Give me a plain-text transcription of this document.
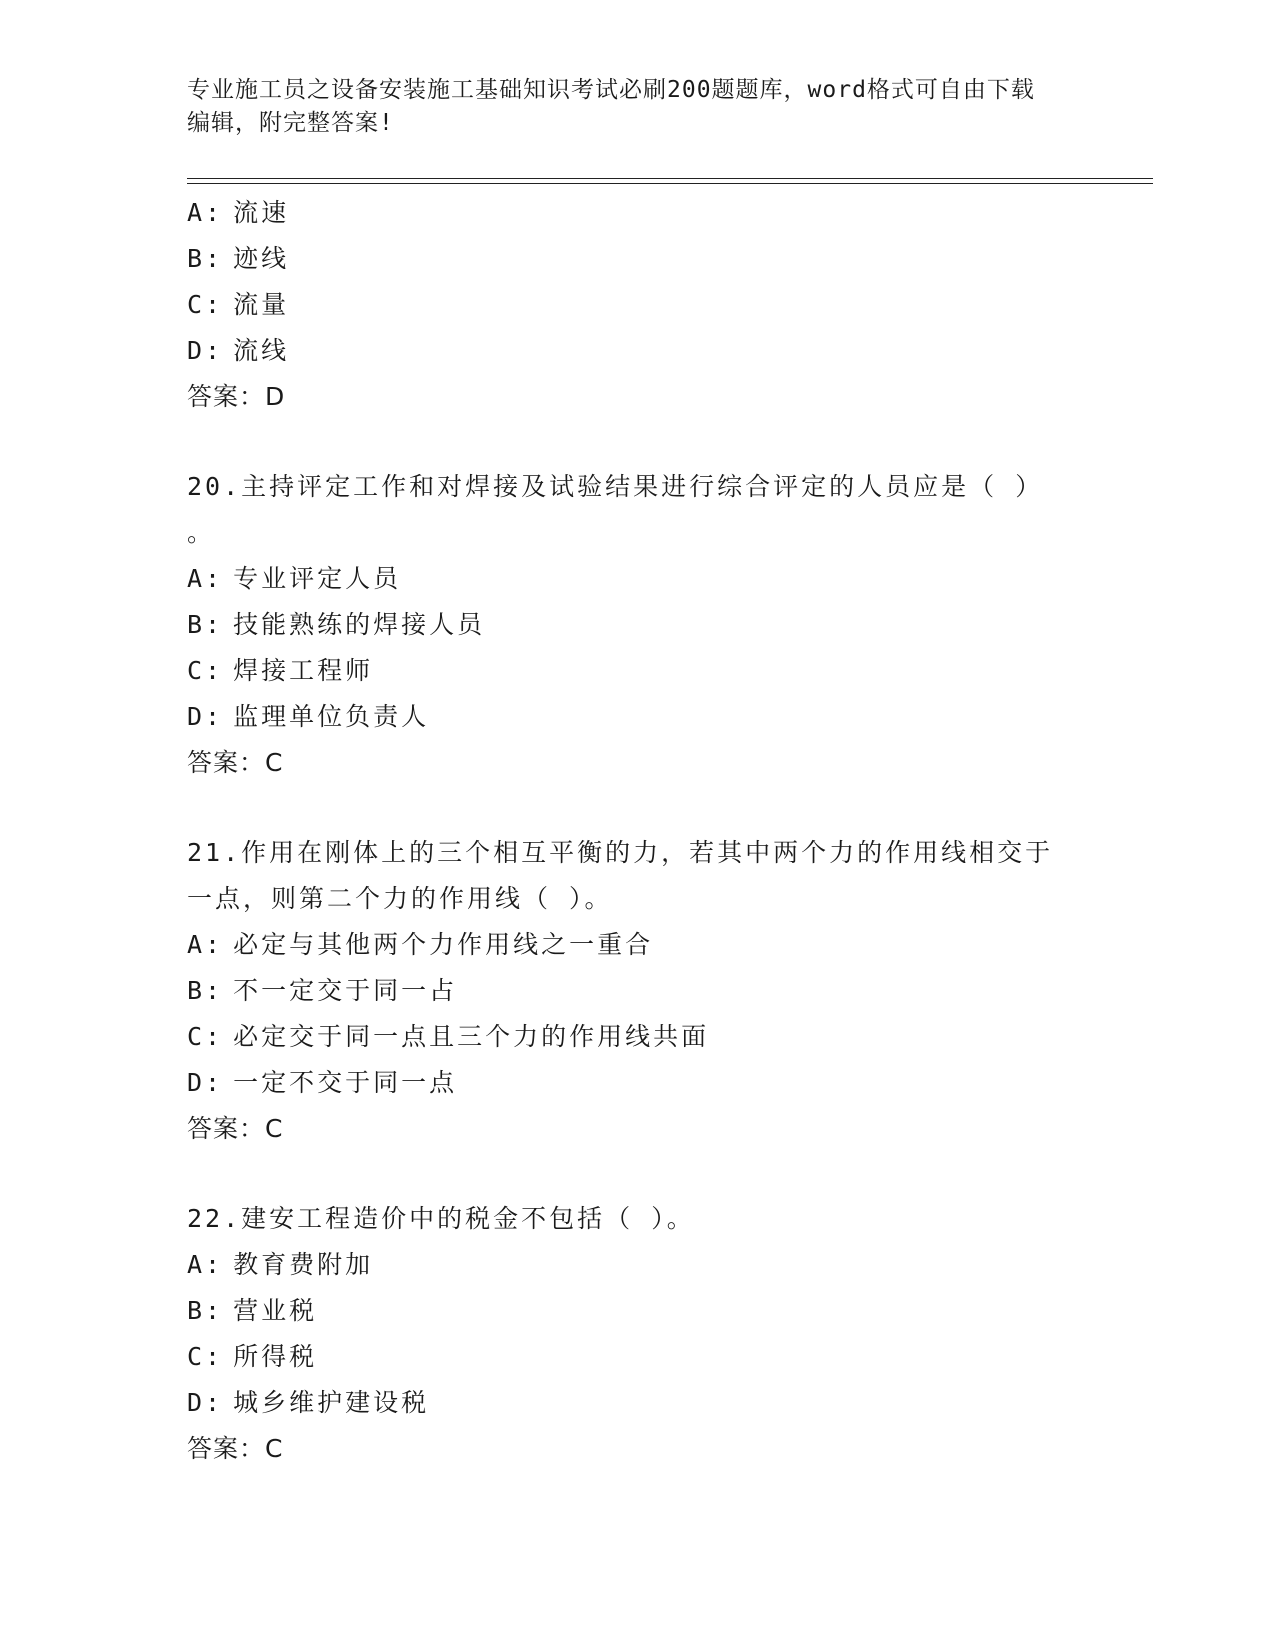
专业施工员之设备安装施工基础知识考试必刷200题题库，word格式可自由下载
编辑，附完整答案!
A: 流速
B: 迹线
C: 流量
D: 流线
答案：D
20.主持评定工作和对焊接及试验结果进行综合评定的人员应是（ ）
。
A: 专业评定人员
B: 技能熟练的焊接人员
C: 焊接工程师
D: 监理单位负责人
答案：C
21.作用在刚体上的三个相互平衡的力，若其中两个力的作用线相交于
一点，则第二个力的作用线（ ）。
A: 必定与其他两个力作用线之一重合
B: 不一定交于同一占
C: 必定交于同一点且三个力的作用线共面
D: 一定不交于同一点
答案：C
22.建安工程造价中的税金不包括（ ）。
A: 教育费附加
B: 营业税
C: 所得税
D: 城乡维护建设税
答案：C
